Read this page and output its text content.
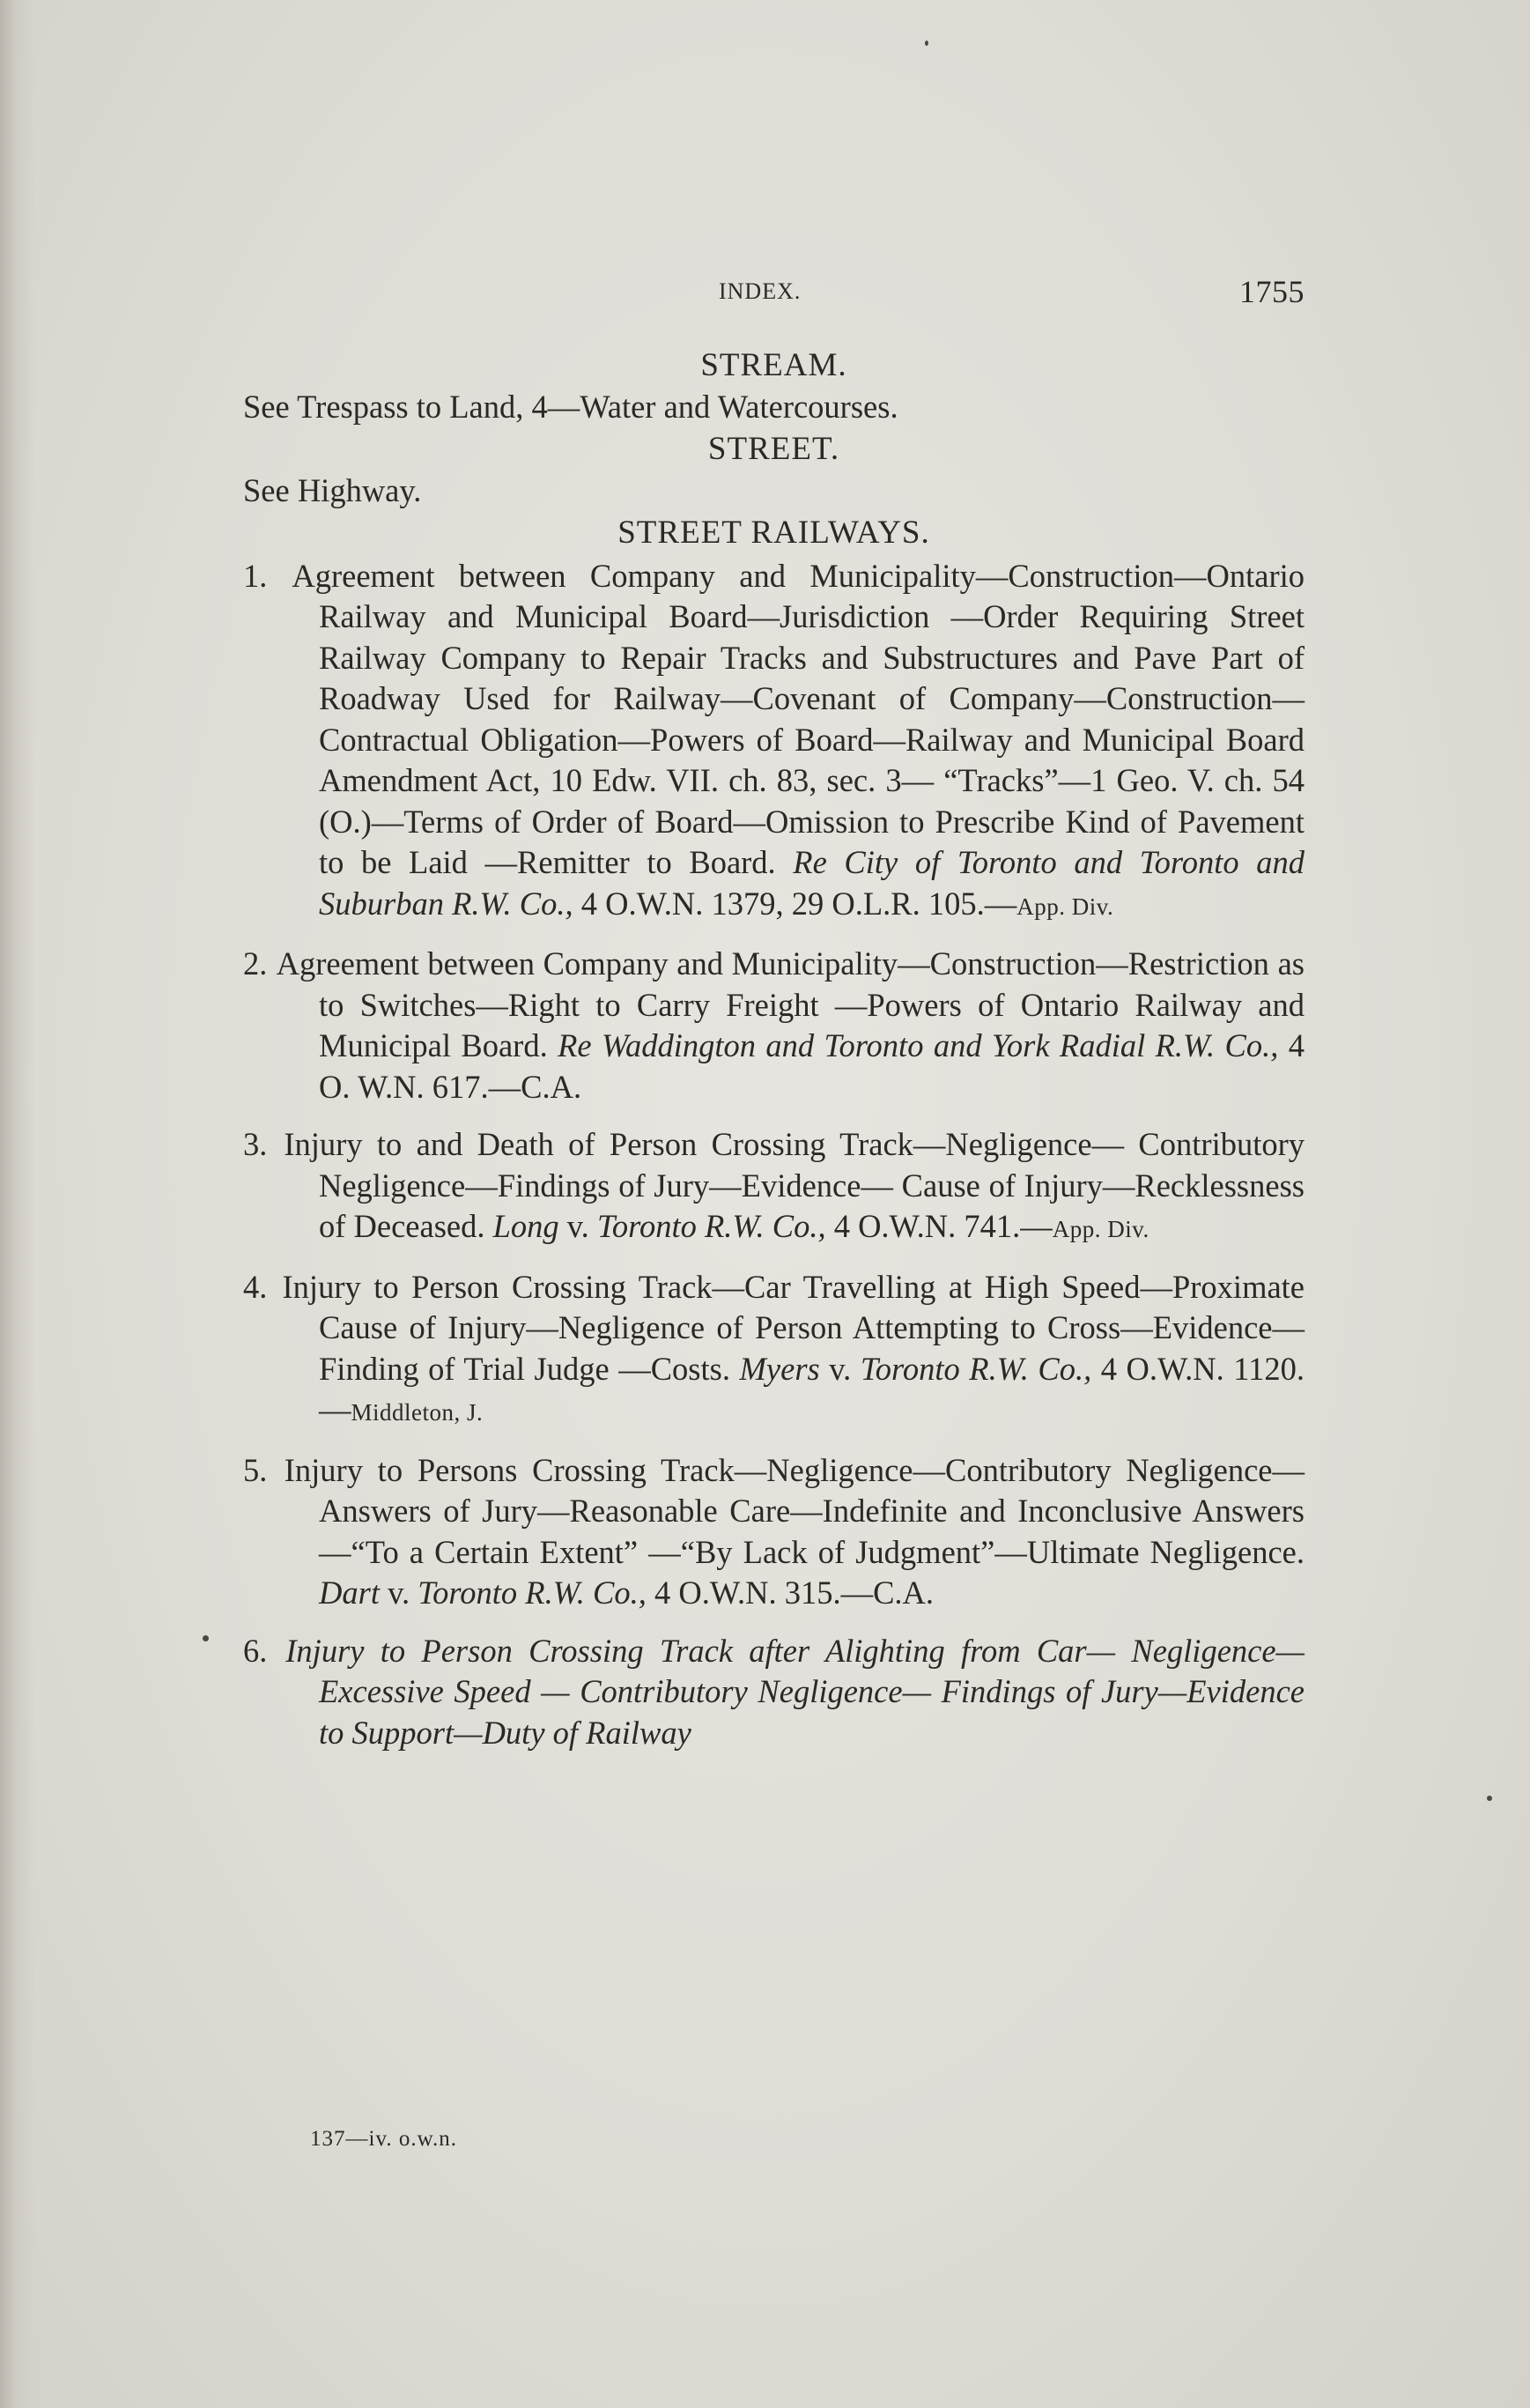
INDEX.	1755
STREAM.

See Trespass to Land, 4—Water and Watercourses.

STREET.

See Highway.

STREET RAILWAYS.

1. Agreement between Company and Municipality—Construction—Ontario Railway and Municipal Board—Jurisdiction —Order Requiring Street Railway Company to Repair Tracks and Substructures and Pave Part of Roadway Used for Railway—Covenant of Company—Construction—Contractual Obligation—Powers of Board—Railway and Municipal Board Amendment Act, 10 Edw. VII. ch. 83, sec. 3— “Tracks”—1 Geo. V. ch. 54 (O.)—Terms of Order of Board—Omission to Prescribe Kind of Pavement to be Laid —Remitter to Board. Re City of Toronto and Toronto and Suburban R.W. Co., 4 O.W.N. 1379, 29 O.L.R. 105.—App. Div.

2. Agreement between Company and Municipality—Construction—Restriction as to Switches—Right to Carry Freight —Powers of Ontario Railway and Municipal Board. Re Waddington and Toronto and York Radial R.W. Co., 4 O. W.N. 617.—C.A.

3. Injury to and Death of Person Crossing Track—Negligence— Contributory Negligence—Findings of Jury—Evidence— Cause of Injury—Recklessness of Deceased. Long v. Toronto R.W. Co., 4 O.W.N. 741.—App. Div.

4. Injury to Person Crossing Track—Car Travelling at High Speed—Proximate Cause of Injury—Negligence of Person Attempting to Cross—Evidence—Finding of Trial Judge —Costs. Myers v. Toronto R.W. Co., 4 O.W.N. 1120.—Middleton, J.

5. Injury to Persons Crossing Track—Negligence—Contributory Negligence—Answers of Jury—Reasonable Care—Indefinite and Inconclusive Answers—“To a Certain Extent” —“By Lack of Judgment”—Ultimate Negligence. Dart v. Toronto R.W. Co., 4 O.W.N. 315.—C.A.

6. Injury to Person Crossing Track after Alighting from Car— Negligence—Excessive Speed — Contributory Negligence— Findings of Jury—Evidence to Support—Duty of Railway

137—iv. o.w.n.
